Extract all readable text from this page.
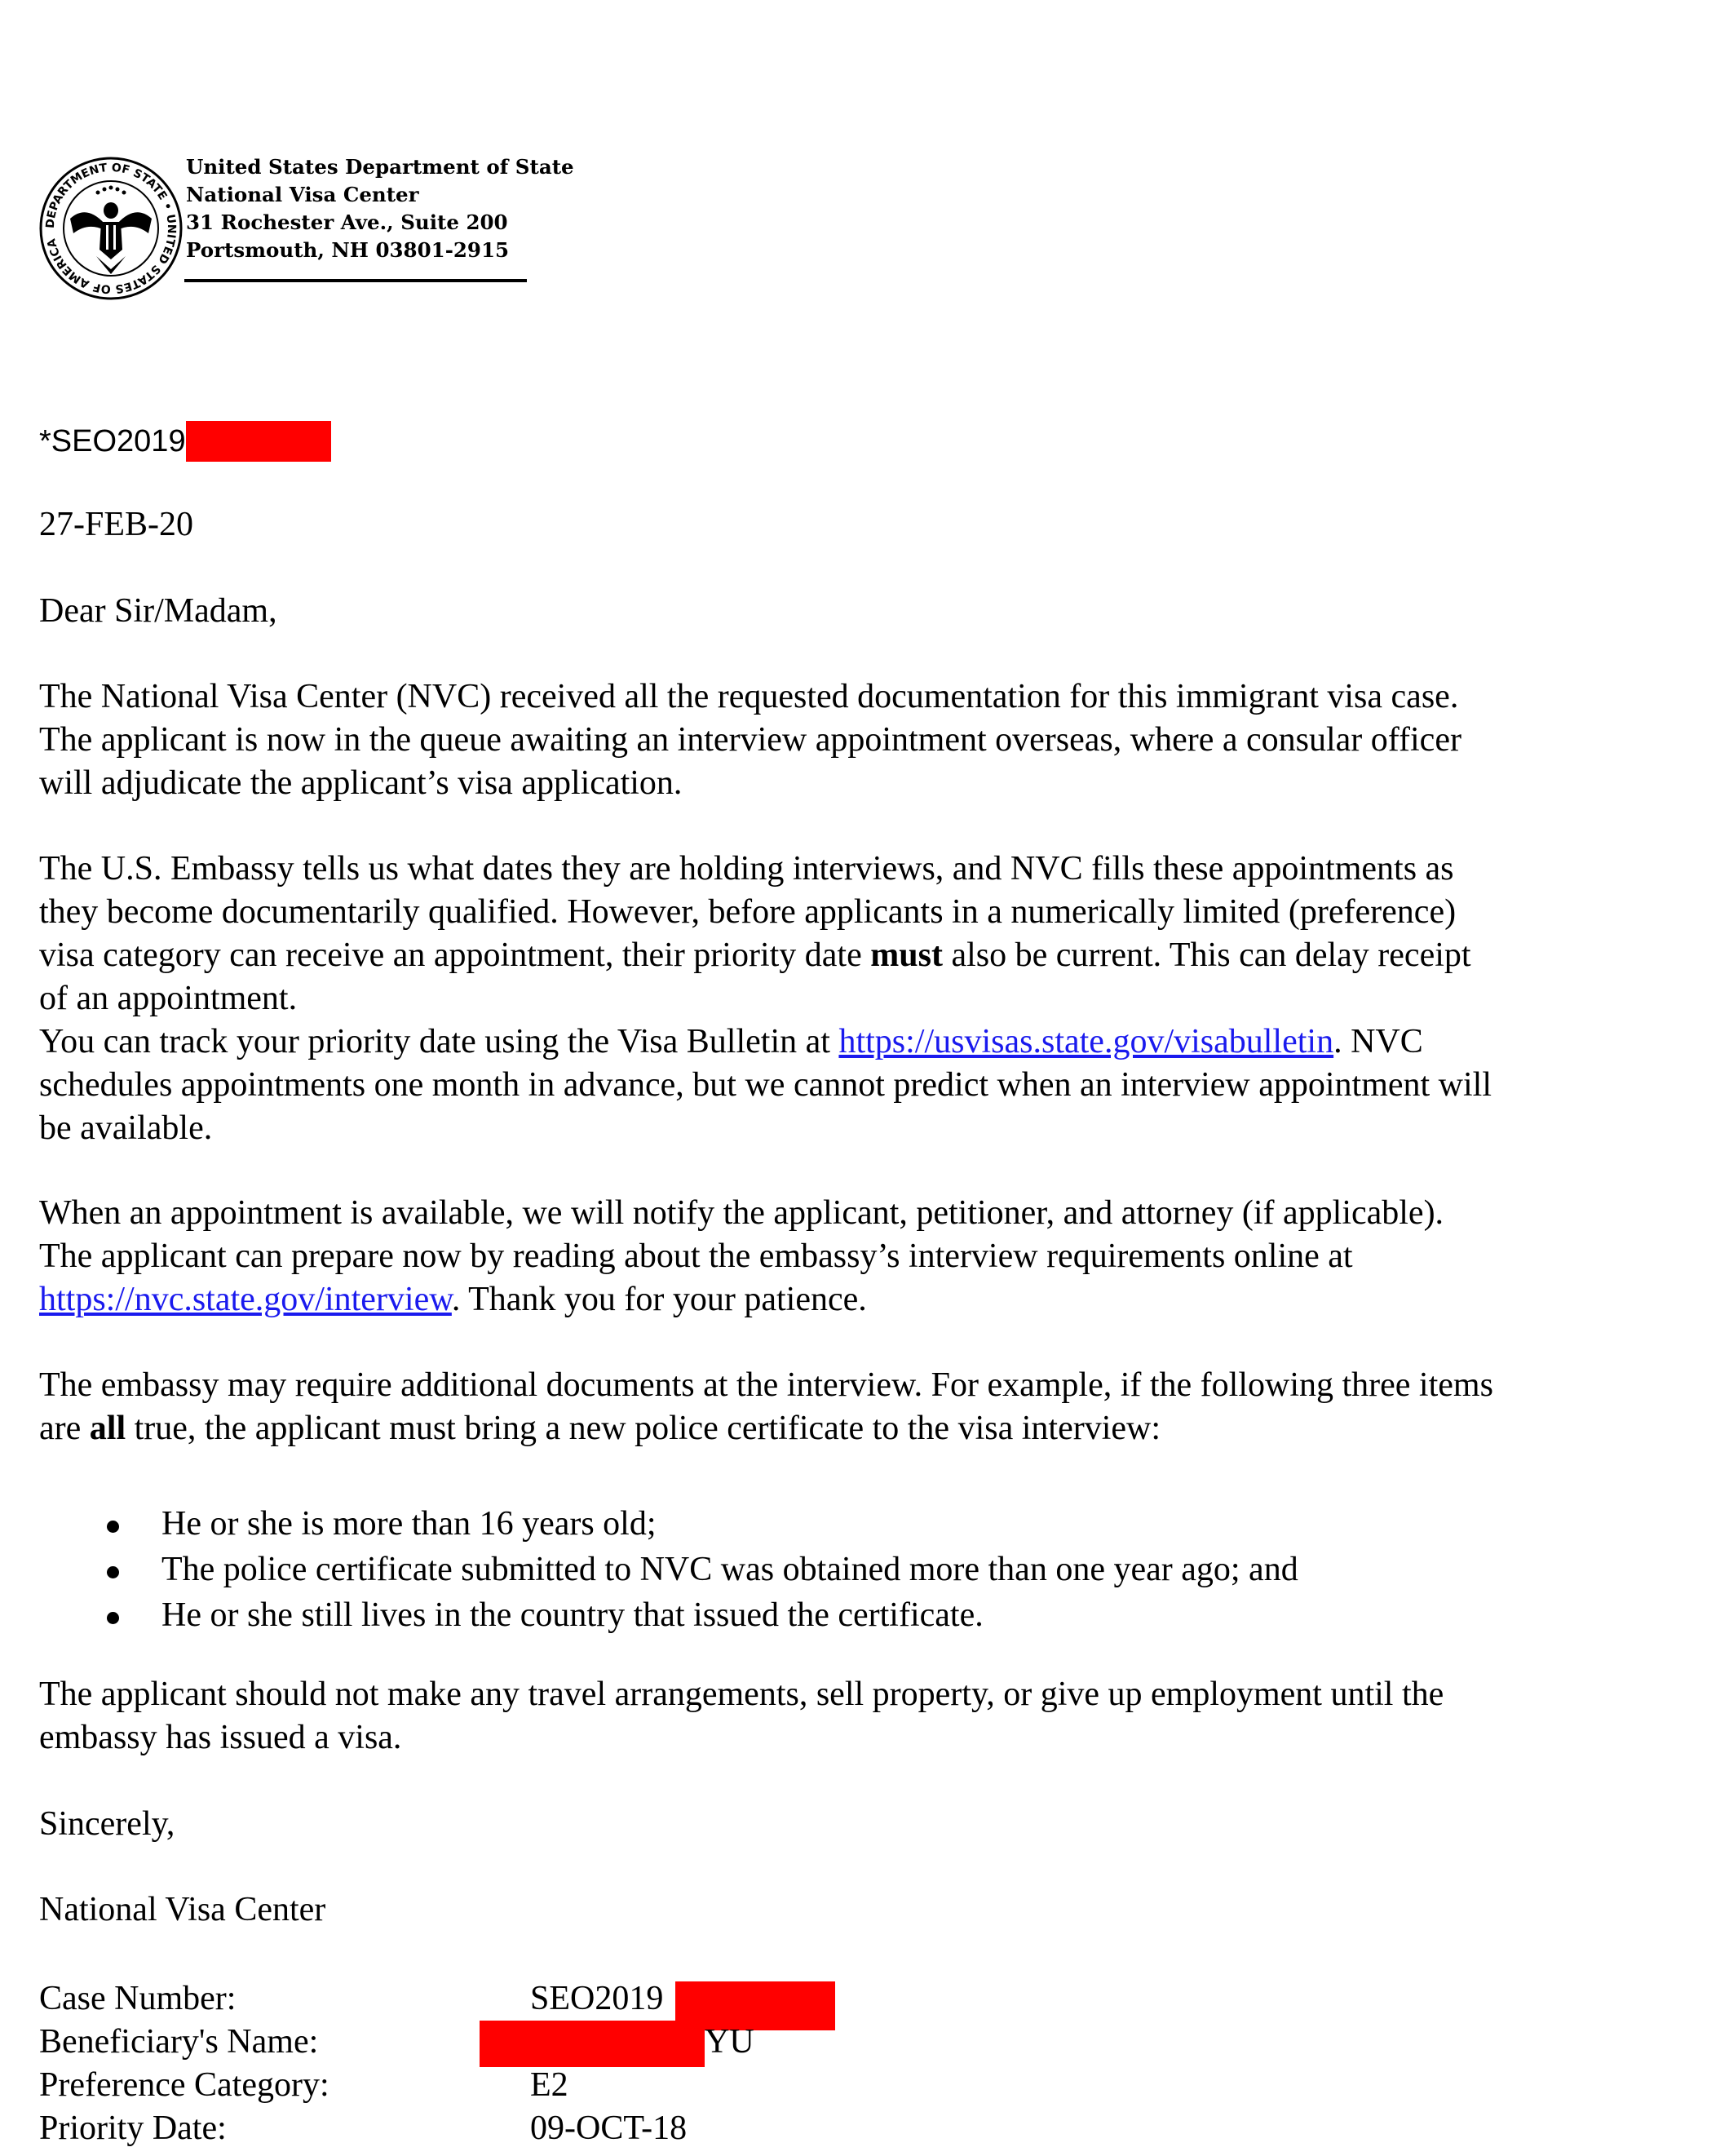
DEPARTMENT OF STATE • UNITED STATES OF AMERICA
United States Department of State
National Visa Center
31 Rochester Ave., Suite 200
Portsmouth, NH 03801-2915
*SEO2019
27-FEB-20
Dear Sir/Madam,
The National Visa Center (NVC) received all the requested documentation for this immigrant visa case.
The applicant is now in the queue awaiting an interview appointment overseas, where a consular officer
will adjudicate the applicant’s visa application.
The U.S. Embassy tells us what dates they are holding interviews, and NVC fills these appointments as
they become documentarily qualified. However, before applicants in a numerically limited (preference)
visa category can receive an appointment, their priority date must also be current. This can delay receipt
of an appointment.
You can track your priority date using the Visa Bulletin at https://usvisas.state.gov/visabulletin. NVC
schedules appointments one month in advance, but we cannot predict when an interview appointment will
be available.
When an appointment is available, we will notify the applicant, petitioner, and attorney (if applicable).
The applicant can prepare now by reading about the embassy’s interview requirements online at
https://nvc.state.gov/interview. Thank you for your patience.
The embassy may require additional documents at the interview. For example, if the following three items
are all true, the applicant must bring a new police certificate to the visa interview:
He or she is more than 16 years old;
The police certificate submitted to NVC was obtained more than one year ago; and
He or she still lives in the country that issued the certificate.
The applicant should not make any travel arrangements, sell property, or give up employment until the
embassy has issued a visa.
Sincerely,
National Visa Center
Case Number:	SEO2019
Beneficiary's Name:	YU
Preference Category:	E2
Priority Date:	09-OCT-18
